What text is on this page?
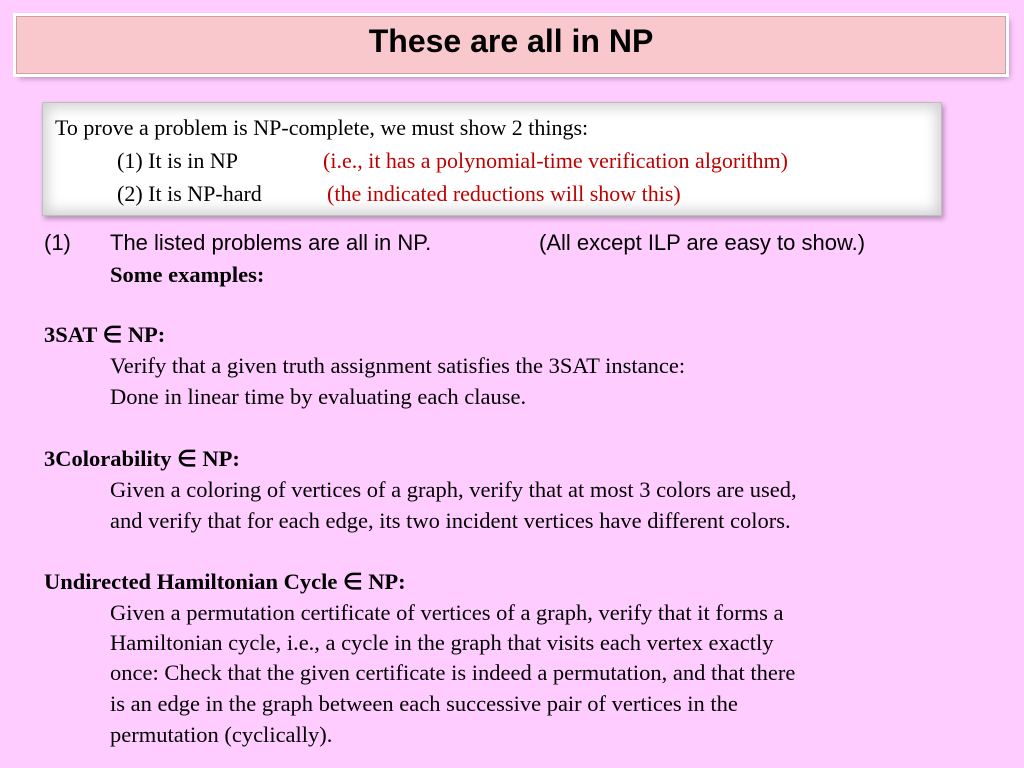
These are all in NP
To prove a problem is NP-complete, we must show 2 things:
(1) It is in NP	(i.e., it has a polynomial-time verification algorithm)
(2) It is NP-hard	(the indicated reductions will show this)
(1) The listed problems are all in NP.	(All except ILP are easy to show.)
Some examples:
3SAT ∈ NP:
Verify that a given truth assignment satisfies the 3SAT instance:
Done in linear time by evaluating each clause.
3Colorability ∈ NP:
Given a coloring of vertices of a graph, verify that at most 3 colors are used,
and verify that for each edge, its two incident vertices have different colors.
Undirected Hamiltonian Cycle ∈ NP:
Given a permutation certificate of vertices of a graph, verify that it forms a
Hamiltonian cycle, i.e., a cycle in the graph that visits each vertex exactly
once: Check that the given certificate is indeed a permutation, and that there
is an edge in the graph between each successive pair of vertices in the
permutation (cyclically).
